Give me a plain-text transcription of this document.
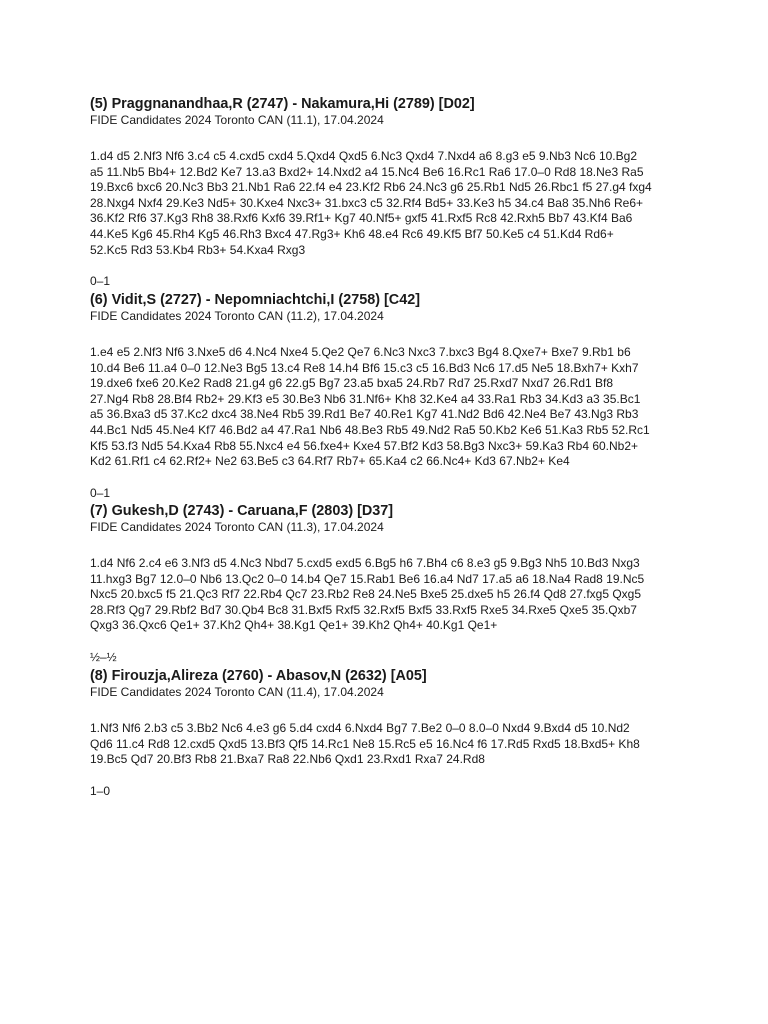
(5) Praggnanandhaa,R (2747) - Nakamura,Hi (2789) [D02]

FIDE Candidates 2024 Toronto CAN (11.1), 17.04.2024

1.d4 d5 2.Nf3 Nf6 3.c4 c5 4.cxd5 cxd4 5.Qxd4 Qxd5 6.Nc3 Qxd4 7.Nxd4 a6 8.g3 e5 9.Nb3 Nc6 10.Bg2
a5 11.Nb5 Bb4+ 12.Bd2 Ke7 13.a3 Bxd2+ 14.Nxd2 a4 15.Nc4 Be6 16.Rc1 Ra6 17.0–0 Rd8 18.Ne3 Ra5
19.Bxc6 bxc6 20.Nc3 Bb3 21.Nb1 Ra6 22.f4 e4 23.Kf2 Rb6 24.Nc3 g6 25.Rb1 Nd5 26.Rbc1 f5 27.g4 fxg4
28.Nxg4 Nxf4 29.Ke3 Nd5+ 30.Kxe4 Nxc3+ 31.bxc3 c5 32.Rf4 Bd5+ 33.Ke3 h5 34.c4 Ba8 35.Nh6 Re6+
36.Kf2 Rf6 37.Kg3 Rh8 38.Rxf6 Kxf6 39.Rf1+ Kg7 40.Nf5+ gxf5 41.Rxf5 Rc8 42.Rxh5 Bb7 43.Kf4 Ba6
44.Ke5 Kg6 45.Rh4 Kg5 46.Rh3 Bxc4 47.Rg3+ Kh6 48.e4 Rc6 49.Kf5 Bf7 50.Ke5 c4 51.Kd4 Rd6+
52.Kc5 Rd3 53.Kb4 Rb3+ 54.Kxa4 Rxg3

0–1

(6) Vidit,S (2727) - Nepomniachtchi,I (2758) [C42]

FIDE Candidates 2024 Toronto CAN (11.2), 17.04.2024

1.e4 e5 2.Nf3 Nf6 3.Nxe5 d6 4.Nc4 Nxe4 5.Qe2 Qe7 6.Nc3 Nxc3 7.bxc3 Bg4 8.Qxe7+ Bxe7 9.Rb1 b6
10.d4 Be6 11.a4 0–0 12.Ne3 Bg5 13.c4 Re8 14.h4 Bf6 15.c3 c5 16.Bd3 Nc6 17.d5 Ne5 18.Bxh7+ Kxh7
19.dxe6 fxe6 20.Ke2 Rad8 21.g4 g6 22.g5 Bg7 23.a5 bxa5 24.Rb7 Rd7 25.Rxd7 Nxd7 26.Rd1 Bf8
27.Ng4 Rb8 28.Bf4 Rb2+ 29.Kf3 e5 30.Be3 Nb6 31.Nf6+ Kh8 32.Ke4 a4 33.Ra1 Rb3 34.Kd3 a3 35.Bc1
a5 36.Bxa3 d5 37.Kc2 dxc4 38.Ne4 Rb5 39.Rd1 Be7 40.Re1 Kg7 41.Nd2 Bd6 42.Ne4 Be7 43.Ng3 Rb3
44.Bc1 Nd5 45.Ne4 Kf7 46.Bd2 a4 47.Ra1 Nb6 48.Be3 Rb5 49.Nd2 Ra5 50.Kb2 Ke6 51.Ka3 Rb5 52.Rc1
Kf5 53.f3 Nd5 54.Kxa4 Rb8 55.Nxc4 e4 56.fxe4+ Kxe4 57.Bf2 Kd3 58.Bg3 Nxc3+ 59.Ka3 Rb4 60.Nb2+
Kd2 61.Rf1 c4 62.Rf2+ Ne2 63.Be5 c3 64.Rf7 Rb7+ 65.Ka4 c2 66.Nc4+ Kd3 67.Nb2+ Ke4

0–1

(7) Gukesh,D (2743) - Caruana,F (2803) [D37]

FIDE Candidates 2024 Toronto CAN (11.3), 17.04.2024

1.d4 Nf6 2.c4 e6 3.Nf3 d5 4.Nc3 Nbd7 5.cxd5 exd5 6.Bg5 h6 7.Bh4 c6 8.e3 g5 9.Bg3 Nh5 10.Bd3 Nxg3
11.hxg3 Bg7 12.0–0 Nb6 13.Qc2 0–0 14.b4 Qe7 15.Rab1 Be6 16.a4 Nd7 17.a5 a6 18.Na4 Rad8 19.Nc5
Nxc5 20.bxc5 f5 21.Qc3 Rf7 22.Rb4 Qc7 23.Rb2 Re8 24.Ne5 Bxe5 25.dxe5 h5 26.f4 Qd8 27.fxg5 Qxg5
28.Rf3 Qg7 29.Rbf2 Bd7 30.Qb4 Bc8 31.Bxf5 Rxf5 32.Rxf5 Bxf5 33.Rxf5 Rxe5 34.Rxe5 Qxe5 35.Qxb7
Qxg3 36.Qxc6 Qe1+ 37.Kh2 Qh4+ 38.Kg1 Qe1+ 39.Kh2 Qh4+ 40.Kg1 Qe1+

½–½

(8) Firouzja,Alireza (2760) - Abasov,N (2632) [A05]

FIDE Candidates 2024 Toronto CAN (11.4), 17.04.2024

1.Nf3 Nf6 2.b3 c5 3.Bb2 Nc6 4.e3 g6 5.d4 cxd4 6.Nxd4 Bg7 7.Be2 0–0 8.0–0 Nxd4 9.Bxd4 d5 10.Nd2
Qd6 11.c4 Rd8 12.cxd5 Qxd5 13.Bf3 Qf5 14.Rc1 Ne8 15.Rc5 e5 16.Nc4 f6 17.Rd5 Rxd5 18.Bxd5+ Kh8
19.Bc5 Qd7 20.Bf3 Rb8 21.Bxa7 Ra8 22.Nb6 Qxd1 23.Rxd1 Rxa7 24.Rd8

1–0
